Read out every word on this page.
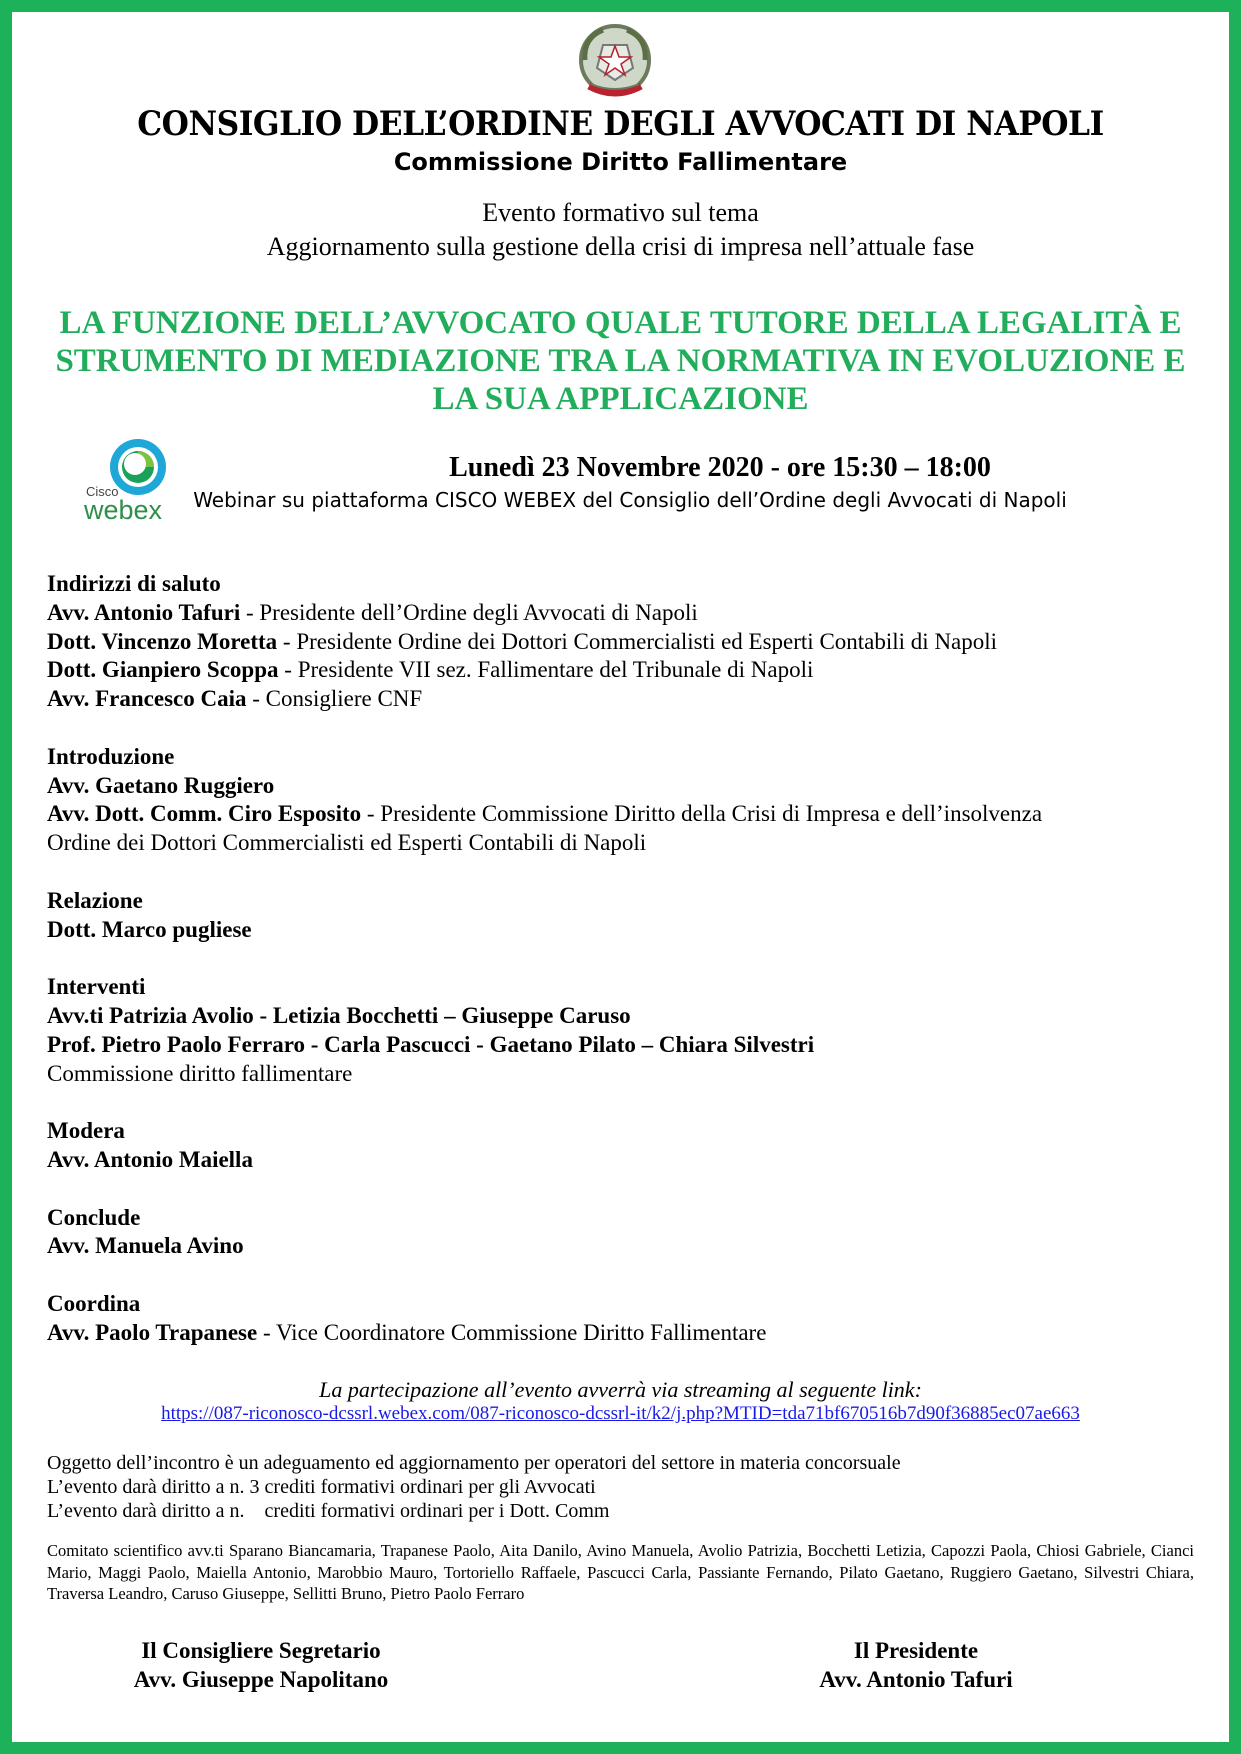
CONSIGLIO DELL’ORDINE DEGLI AVVOCATI DI NAPOLI
Commissione Diritto Fallimentare
Evento formativo sul tema
Aggiornamento sulla gestione della crisi di impresa nell’attuale fase
LA FUNZIONE DELL’AVVOCATO QUALE TUTORE DELLA LEGALITÀ E
STRUMENTO DI MEDIAZIONE TRA LA NORMATIVA IN EVOLUZIONE E
LA SUA APPLICAZIONE
Cisco
webex
Lunedì 23 Novembre 2020 - ore 15:30 – 18:00
Webinar su piattaforma CISCO WEBEX del Consiglio dell’Ordine degli Avvocati di Napoli
Indirizzi di saluto
Avv. Antonio Tafuri - Presidente dell’Ordine degli Avvocati di Napoli
Dott. Vincenzo Moretta - Presidente Ordine dei Dottori Commercialisti ed Esperti Contabili di Napoli
Dott. Gianpiero Scoppa - Presidente VII sez. Fallimentare del Tribunale di Napoli
Avv. Francesco Caia - Consigliere CNF
Introduzione
Avv. Gaetano Ruggiero
Avv. Dott. Comm. Ciro Esposito - Presidente Commissione Diritto della Crisi di Impresa e dell’insolvenza
Ordine dei Dottori Commercialisti ed Esperti Contabili di Napoli
Relazione
Dott. Marco pugliese
Interventi
Avv.ti Patrizia Avolio - Letizia Bocchetti – Giuseppe Caruso
Prof. Pietro Paolo Ferraro - Carla Pascucci - Gaetano Pilato – Chiara Silvestri
Commissione diritto fallimentare
Modera
Avv. Antonio Maiella
Conclude
Avv. Manuela Avino
Coordina
Avv. Paolo Trapanese - Vice Coordinatore Commissione Diritto Fallimentare
La partecipazione all’evento avverrà via streaming al seguente link:
https://087-riconosco-dcssrl.webex.com/087-riconosco-dcssrl-it/k2/j.php?MTID=tda71bf670516b7d90f36885ec07ae663
Oggetto dell’incontro è un adeguamento ed aggiornamento per operatori del settore in materia concorsuale
L’evento darà diritto a n. 3 crediti formativi ordinari per gli Avvocati
L’evento darà diritto a n.    crediti formativi ordinari per i Dott. Comm
Comitato scientifico avv.ti Sparano Biancamaria, Trapanese Paolo, Aita Danilo, Avino Manuela, Avolio Patrizia, Bocchetti Letizia, Capozzi Paola, Chiosi Gabriele, Cianci Mario, Maggi Paolo, Maiella Antonio, Marobbio Mauro, Tortoriello Raffaele, Pascucci Carla, Passiante Fernando, Pilato Gaetano, Ruggiero Gaetano, Silvestri Chiara, Traversa Leandro, Caruso Giuseppe, Sellitti Bruno, Pietro Paolo Ferraro
Il Consigliere Segretario
Avv. Giuseppe Napolitano
Il Presidente
Avv. Antonio Tafuri
